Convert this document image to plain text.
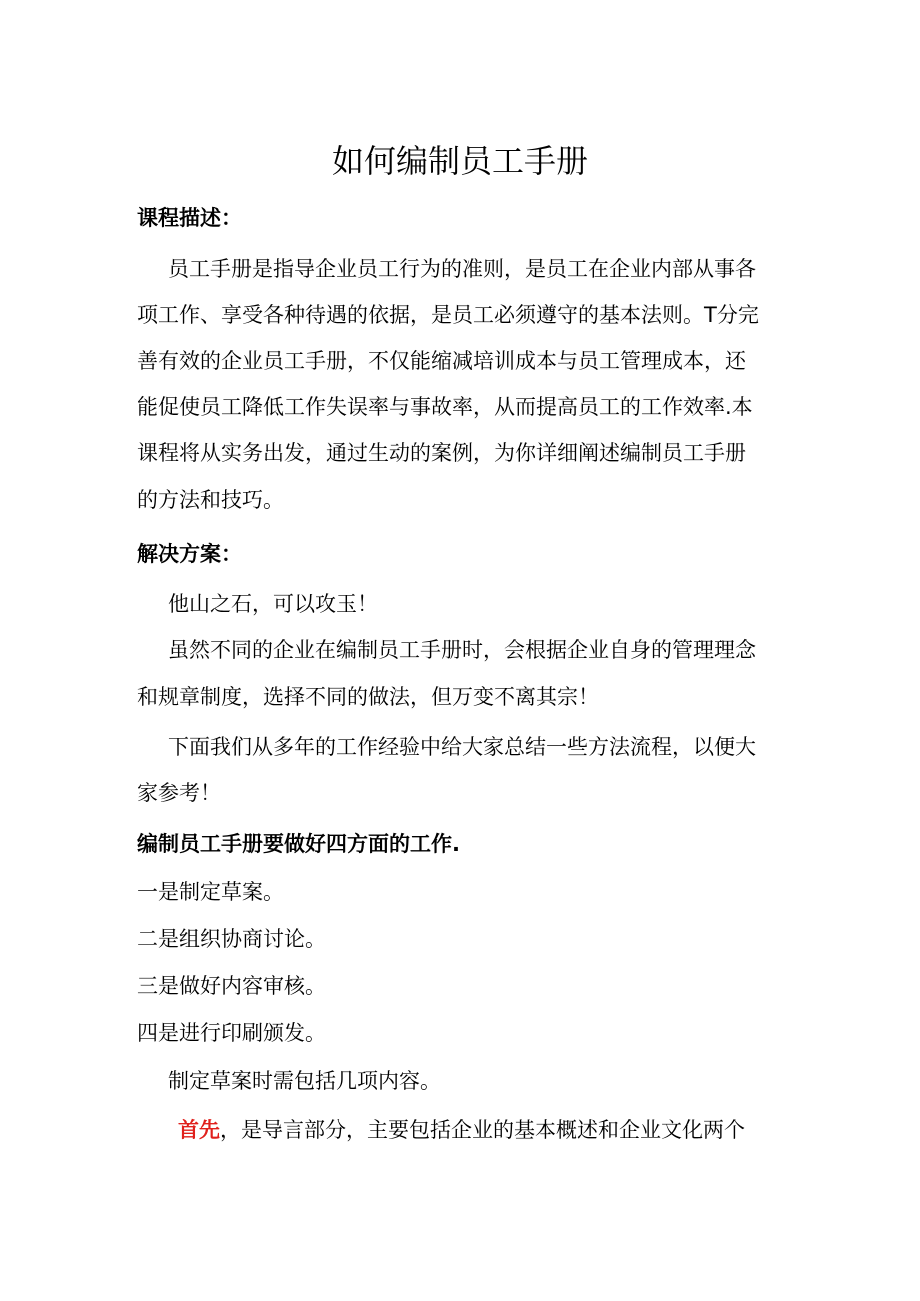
如何编制员工手册

课程描述：

员工手册是指导企业员工行为的准则，是员工在企业内部从事各

项工作、享受各种待遇的依据，是员工必须遵守的基本法则。T分完

善有效的企业员工手册，不仅能缩减培训成本与员工管理成本，还

能促使员工降低工作失误率与事故率，从而提高员工的工作效率.本

课程将从实务出发，通过生动的案例，为你详细阐述编制员工手册

的方法和技巧。

解决方案：

他山之石，可以攻玉！

虽然不同的企业在编制员工手册时，会根据企业自身的管理理念

和规章制度，选择不同的做法，但万变不离其宗！

下面我们从多年的工作经验中给大家总结一些方法流程，以便大

家参考！

编制员工手册要做好四方面的工作.

一是制定草案。

二是组织协商讨论。

三是做好内容审核。

四是进行印刷颁发。

制定草案时需包括几项内容。

首先，是导言部分，主要包括企业的基本概述和企业文化两个
